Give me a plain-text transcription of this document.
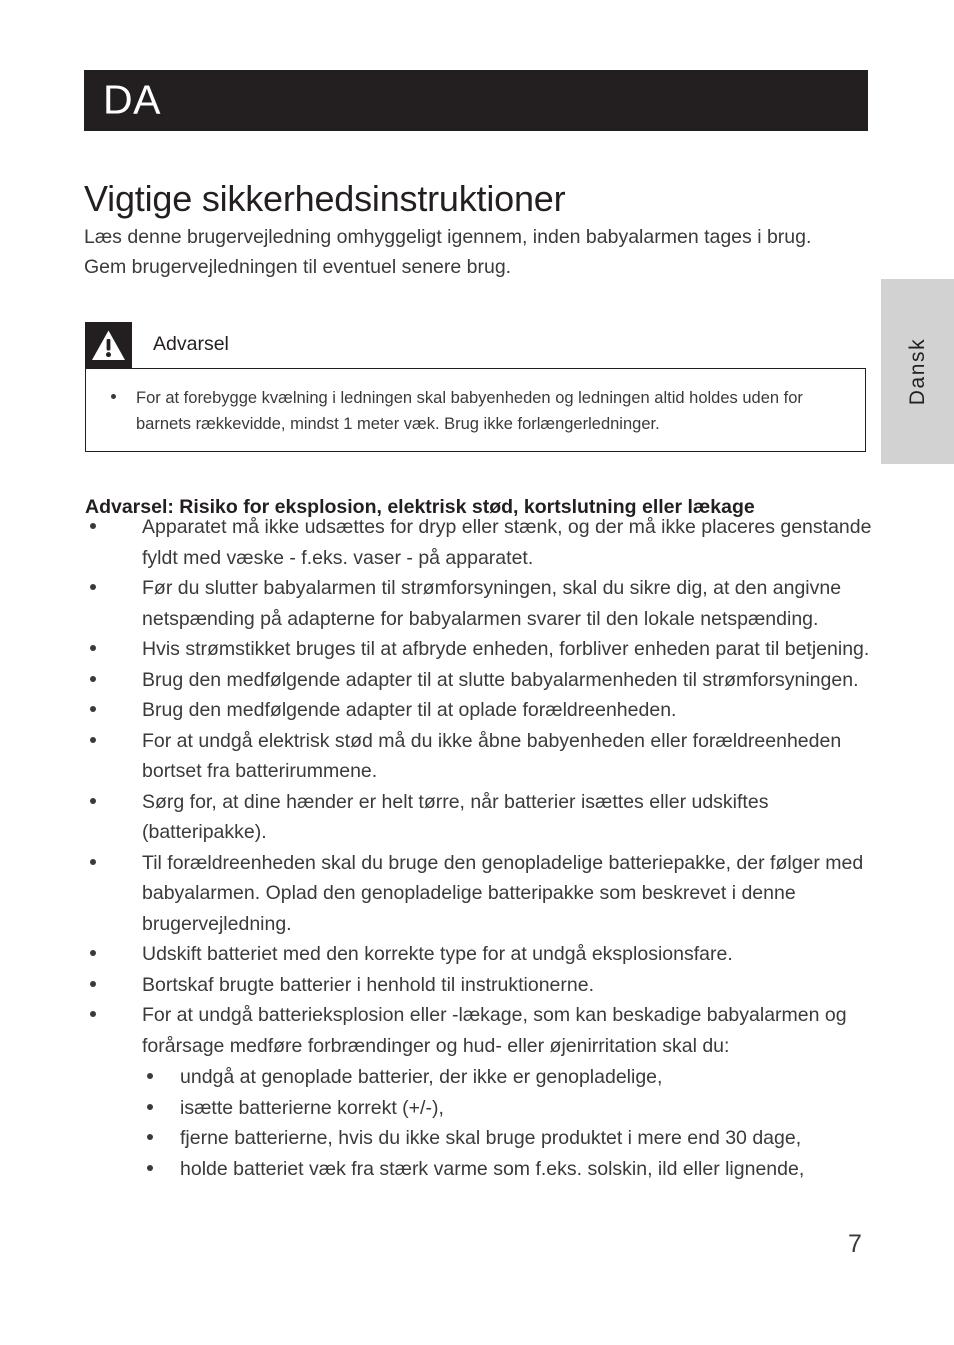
Dansk
DA
Vigtige sikkerhedsinstruktioner

Læs denne brugervejledning omhyggeligt igennem, inden babyalarmen tages i brug.

Gem brugervejledningen til eventuel senere brug.

Advarsel
For at forebygge kvælning i ledningen skal babyenheden og ledningen altid holdes uden for barnets rækkevidde, mindst 1 meter væk. Brug ikke forlængerledninger.
Advarsel: Risiko for eksplosion, elektrisk stød, kortslutning eller lækage
Apparatet må ikke udsættes for dryp eller stænk, og der må ikke placeres genstande fyldt med væske - f.eks. vaser - på apparatet.
Før du slutter babyalarmen til strømforsyningen, skal du sikre dig, at den angivne netspænding på adapterne for babyalarmen svarer til den lokale netspænding.
Hvis strømstikket bruges til at afbryde enheden, forbliver enheden parat til betjening.
Brug den medfølgende adapter til at slutte babyalarmenheden til strømforsyningen.
Brug den medfølgende adapter til at oplade forældreenheden.
For at undgå elektrisk stød må du ikke åbne babyenheden eller forældreenheden bortset fra batterirummene.
Sørg for, at dine hænder er helt tørre, når batterier isættes eller udskiftes (batteripakke).
Til forældreenheden skal du bruge den genopladelige batteriepakke, der følger med babyalarmen. Oplad den genopladelige batteripakke som beskrevet i denne brugervejledning.
Udskift batteriet med den korrekte type for at undgå eksplosionsfare.
Bortskaf brugte batterier i henhold til instruktionerne.
For at undgå batterieksplosion eller -lækage, som kan beskadige babyalarmen og forårsage medføre forbrændinger og hud- eller øjenirritation skal du:
undgå at genoplade batterier, der ikke er genopladelige,
isætte batterierne korrekt (+/-),
fjerne batterierne, hvis du ikke skal bruge produktet i mere end 30 dage,
holde batteriet væk fra stærk varme som f.eks. solskin, ild eller lignende,
7
